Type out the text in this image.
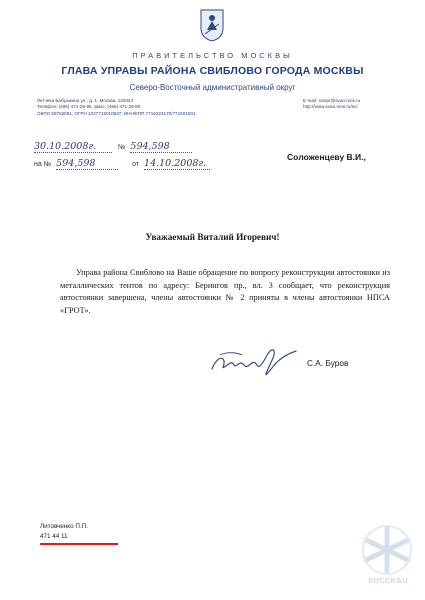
ПРАВИТЕЛЬСТВО МОСКВЫ
ГЛАВА УПРАВЫ РАЙОНА СВИБЛОВО ГОРОДА МОСКВЫ
Северо-Восточный административный округ
Летчика Бабушкина ул., д. 1, Москва, 129344
Телефон: (495) 471-28-86, факс: (495) 471-28-80
ОКПО 59782591, ОГРН 1027716010937, ИНН/КПП 7716224170/771601001
E-mail: svispr@svao.mos.ru
http://www.svao.mos.ru/sv/
30.10.2008г.	№ 594,598
на № 594,598	от 14.10.2008г.
Сoложенцеву В.И.,
Уважаемый Виталий Игоревич!
Управа района Свиблово на Ваше обращение по вопросу реконструкции автостоянки из металлических тентов по адресу: Берингов пр., вл. 3 сообщает, что реконструкция автостоянки завершена, члены автостоянки № 2 приняты в члены автостоянки НПСА «ГРОТ».
С.А. Буров
Литовченко П.П.
471 44 11
SUCCKAU
